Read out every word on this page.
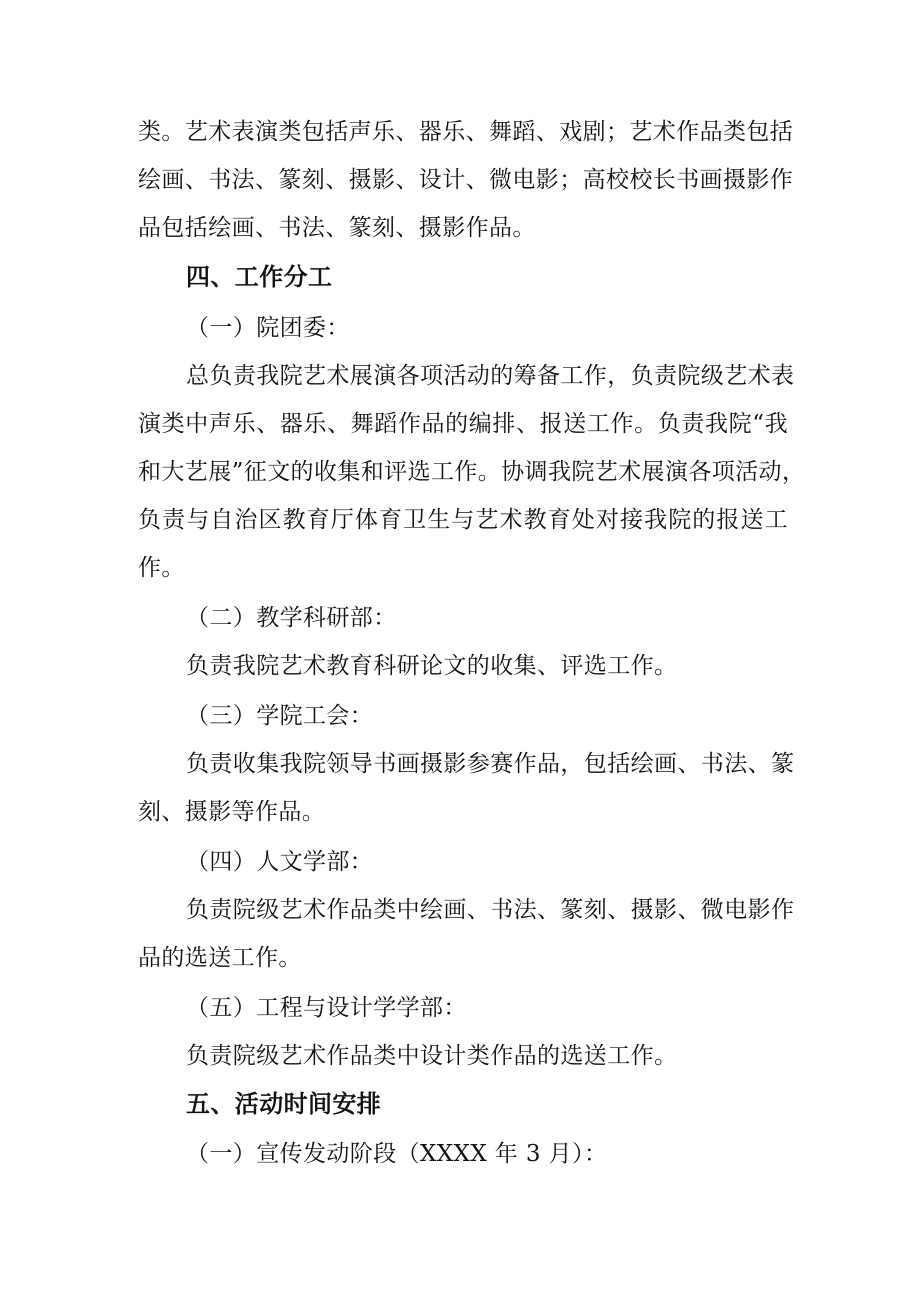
类。艺术表演类包括声乐、器乐、舞蹈、戏剧；艺术作品类包括
绘画、书法、篆刻、摄影、设计、微电影；高校校长书画摄影作
品包括绘画、书法、篆刻、摄影作品。
四、工作分工
（一）院团委：
总负责我院艺术展演各项活动的筹备工作，负责院级艺术表
演类中声乐、器乐、舞蹈作品的编排、报送工作。负责我院“我
和大艺展”征文的收集和评选工作。协调我院艺术展演各项活动，
负责与自治区教育厅体育卫生与艺术教育处对接我院的报送工
作。
（二）教学科研部：
负责我院艺术教育科研论文的收集、评选工作。
（三）学院工会：
负责收集我院领导书画摄影参赛作品，包括绘画、书法、篆
刻、摄影等作品。
（四）人文学部：
负责院级艺术作品类中绘画、书法、篆刻、摄影、微电影作
品的选送工作。
（五）工程与设计学学部：
负责院级艺术作品类中设计类作品的选送工作。
五、活动时间安排
（一）宣传发动阶段（XXXX 年 3 月）：
